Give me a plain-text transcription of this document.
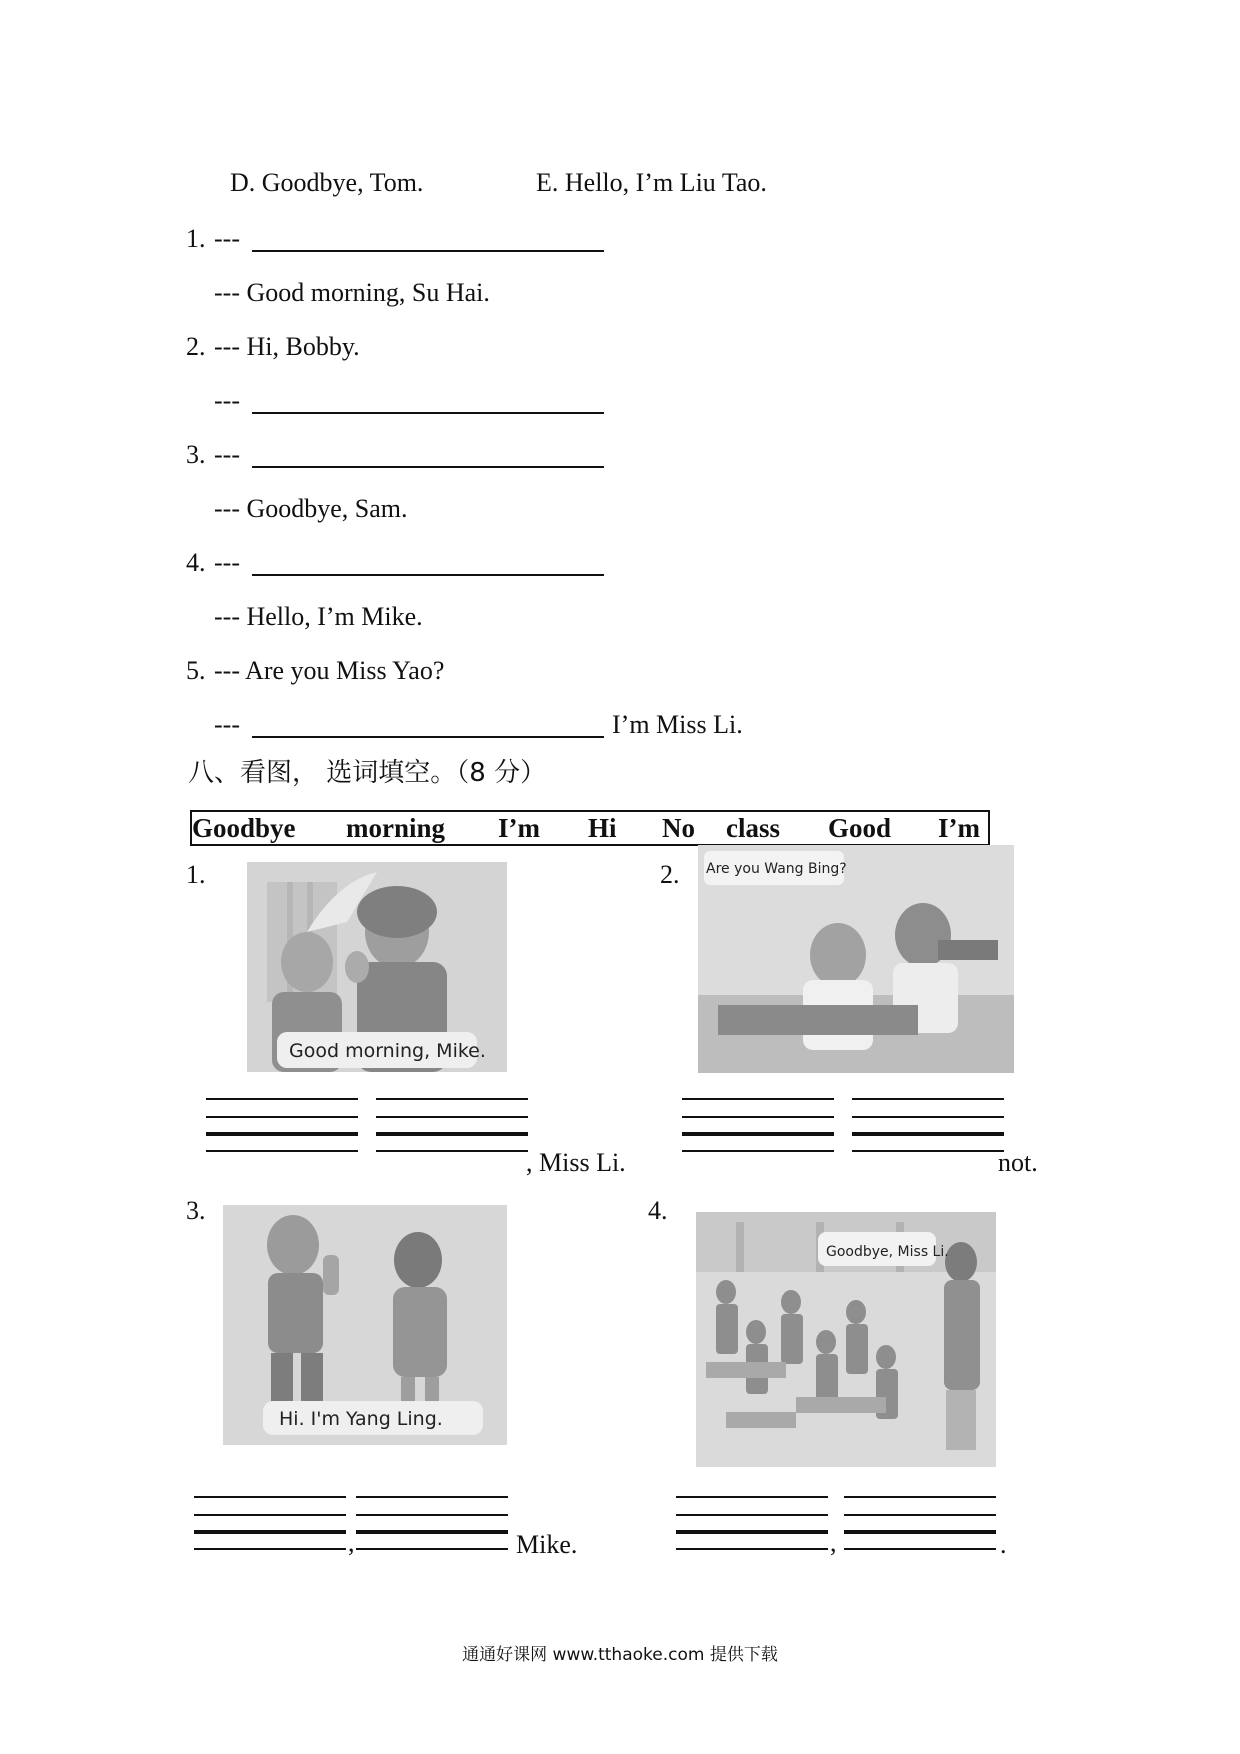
D. Goodbye, Tom.	E. Hello, I’m Liu Tao.
1. ---
--- Good morning, Su Hai.
2. --- Hi, Bobby.
---
3. ---
--- Goodbye, Sam.
4. ---
--- Hello, I’m Mike.
5. --- Are you Miss Yao?
---	I’m Miss Li.
八、看图， 选词填空。（8 分）
Goodbye morning I’m Hi No class Good I’m
1.
Good morning, Mike.
, Miss Li.
2. Are you Wang Bing?
not.
3.
Hi. I'm Yang Ling.
,	Mike.
4.
Goodbye, Miss Li.
,	.
通通好课网 www.tthaoke.com 提供下载
